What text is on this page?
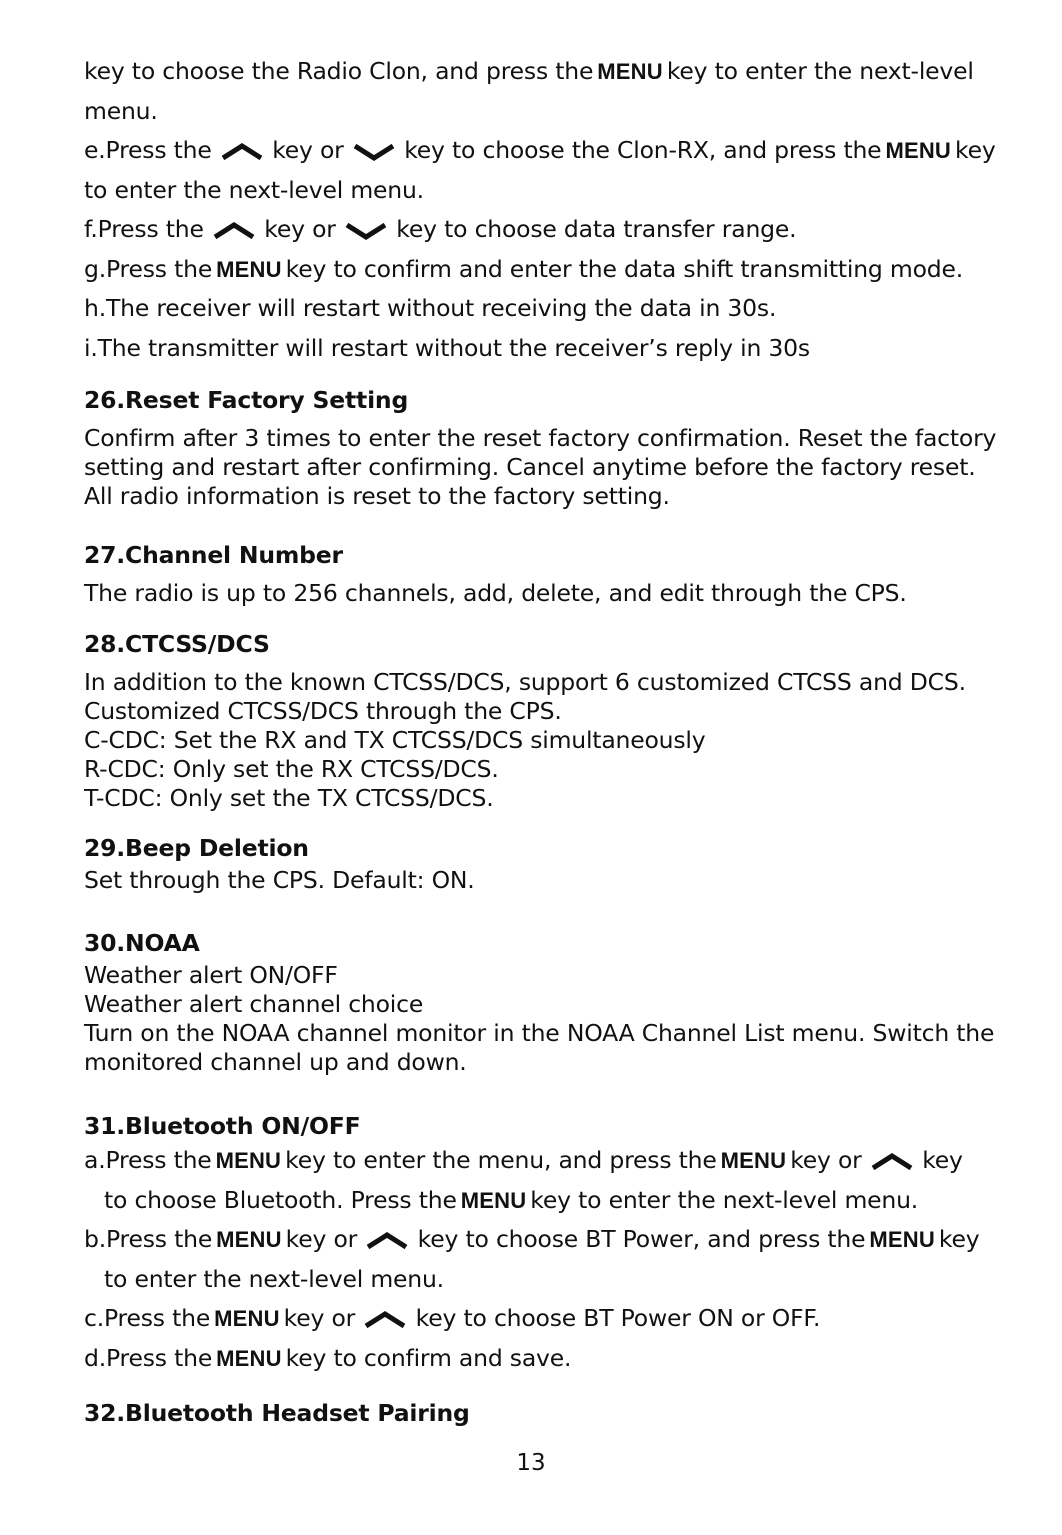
key to choose the Radio Clon, and press the MENU key to enter the next-level
menu.
e.Press the	key or	key to choose the Clon-RX, and press the MENU key
to enter the next-level menu.
f.Press the	key or	key to choose data transfer range.
g.Press the MENU key to confirm and enter the data shift transmitting mode.
h.The receiver will restart without receiving the data in 30s.
i.The transmitter will restart without the receiver’s reply in 30s
26.Reset Factory Setting
Confirm after 3 times to enter the reset factory confirmation. Reset the factory
setting and restart after confirming. Cancel anytime before the factory reset.
All radio information is reset to the factory setting.
27.Channel Number
The radio is up to 256 channels, add, delete, and edit through the CPS.
28.CTCSS/DCS
In addition to the known CTCSS/DCS, support 6 customized CTCSS and DCS.
Customized CTCSS/DCS through the CPS.
C-CDC: Set the RX and TX CTCSS/DCS simultaneously
R-CDC: Only set the RX CTCSS/DCS.
T-CDC: Only set the TX CTCSS/DCS.
29.Beep Deletion
Set through the CPS. Default: ON.
30.NOAA
Weather alert ON/OFF
Weather alert channel choice
Turn on the NOAA channel monitor in the NOAA Channel List menu. Switch the
monitored channel up and down.
31.Bluetooth ON/OFF
a.Press the MENU key to enter the menu, and press the MENU key or	key
to choose Bluetooth. Press the MENU key to enter the next-level menu.
b.Press the MENU key or	key to choose BT Power, and press the MENU key
to enter the next-level menu.
c.Press the MENU key or	key to choose BT Power ON or OFF.
d.Press the MENU key to confirm and save.
32.Bluetooth Headset Pairing
13
